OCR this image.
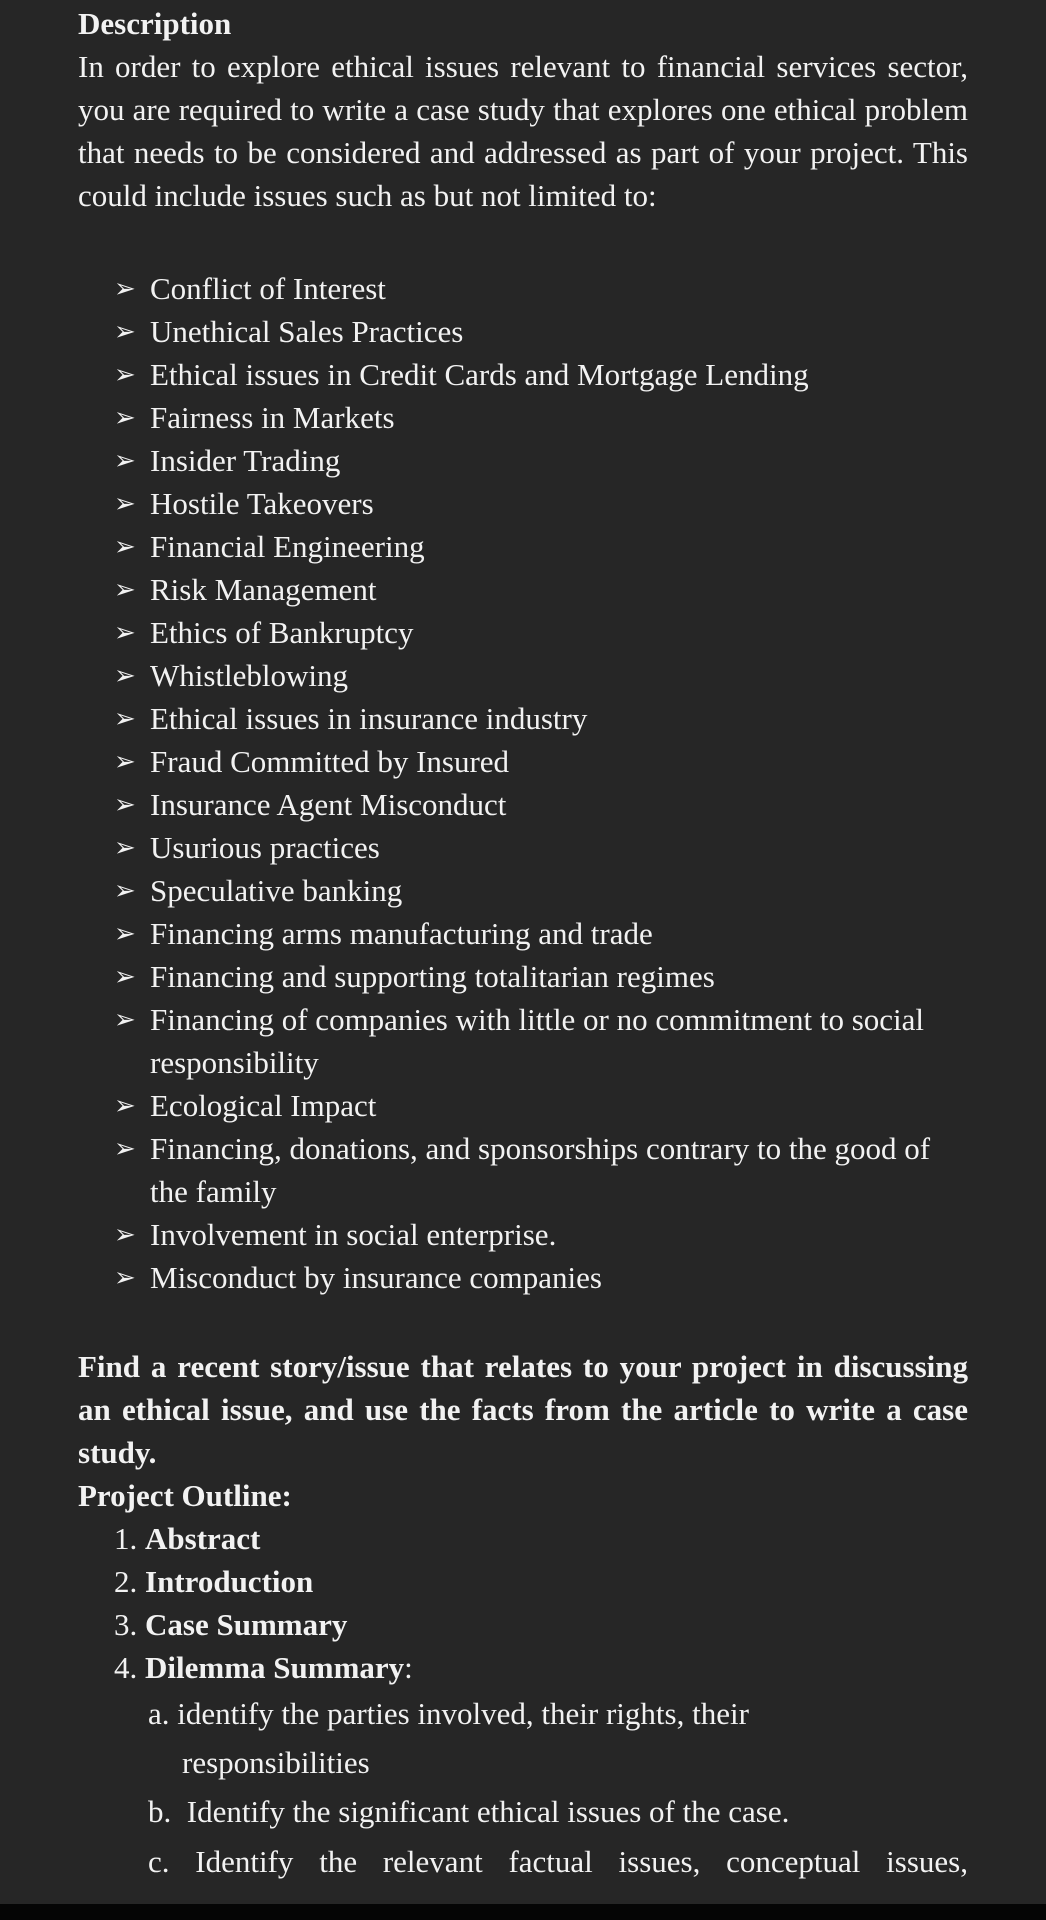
Description

In order to explore ethical issues relevant to financial services sector, you are required to write a case study that explores one ethical problem that needs to be considered and addressed as part of your project. This could include issues such as but not limited to:

➢ Conflict of Interest
➢ Unethical Sales Practices
➢ Ethical issues in Credit Cards and Mortgage Lending
➢ Fairness in Markets
➢ Insider Trading
➢ Hostile Takeovers
➢ Financial Engineering
➢ Risk Management
➢ Ethics of Bankruptcy
➢ Whistleblowing
➢ Ethical issues in insurance industry
➢ Fraud Committed by Insured
➢ Insurance Agent Misconduct
➢ Usurious practices
➢ Speculative banking
➢ Financing arms manufacturing and trade
➢ Financing and supporting totalitarian regimes
➢ Financing of companies with little or no commitment to social responsibility
➢ Ecological Impact
➢ Financing, donations, and sponsorships contrary to the good of the family
➢ Involvement in social enterprise.
➢ Misconduct by insurance companies

Find a recent story/issue that relates to your project in discussing an ethical issue, and use the facts from the article to write a case study.

Project Outline:
1. Abstract
2. Introduction
3. Case Summary
4. Dilemma Summary:
a. identify the parties involved, their rights, their
responsibilities
b. Identify the significant ethical issues of the case.
c. Identify the relevant factual issues, conceptual issues,
